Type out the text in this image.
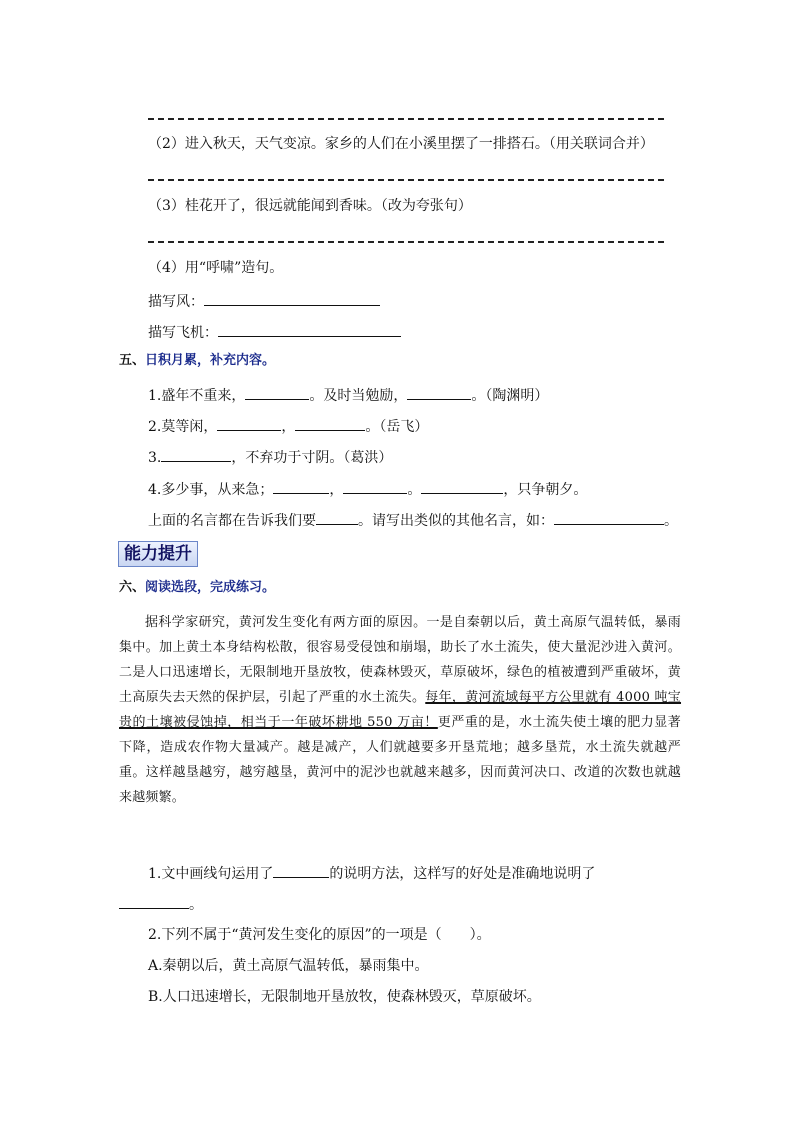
（2）进入秋天，天气变凉。家乡的人们在小溪里摆了一排搭石。（用关联词合并）
（3）桂花开了，很远就能闻到香味。（改为夸张句）
（4）用“呼啸”造句。
描写风：
描写飞机：
五、日积月累，补充内容。
1.盛年不重来，	。及时当勉励，	。（陶渊明）
2.莫等闲，	，	。（岳飞）
3.	，不弃功于寸阴。（葛洪）
4.多少事，从来急；	，	。	，只争朝夕。
上面的名言都在告诉我们要	。请写出类似的其他名言，如：	。
能力提升
六、阅读选段，完成练习。

据科学家研究，黄河发生变化有两方面的原因。一是自秦朝以后，黄土高原气温转低，暴雨集中。加上黄土本身结构松散，很容易受侵蚀和崩塌，助长了水土流失，使大量泥沙进入黄河。二是人口迅速增长，无限制地开垦放牧，使森林毁灭，草原破坏，绿色的植被遭到严重破坏，黄土高原失去天然的保护层，引起了严重的水土流失。每年，黄河流域每平方公里就有 4000 吨宝贵的土壤被侵蚀掉，相当于一年破坏耕地 550 万亩！更严重的是，水土流失使土壤的肥力显著下降，造成农作物大量减产。越是减产，人们就越要多开垦荒地；越多垦荒，水土流失就越严重。这样越垦越穷，越穷越垦，黄河中的泥沙也就越来越多，因而黄河决口、改道的次数也就越来越频繁。

1.文中画线句运用了	的说明方法，这样写的好处是准确地说明了
。
2.下列不属于“黄河发生变化的原因”的一项是（　　）。
A.秦朝以后，黄土高原气温转低，暴雨集中。
B.人口迅速增长，无限制地开垦放牧，使森林毁灭，草原破坏。
